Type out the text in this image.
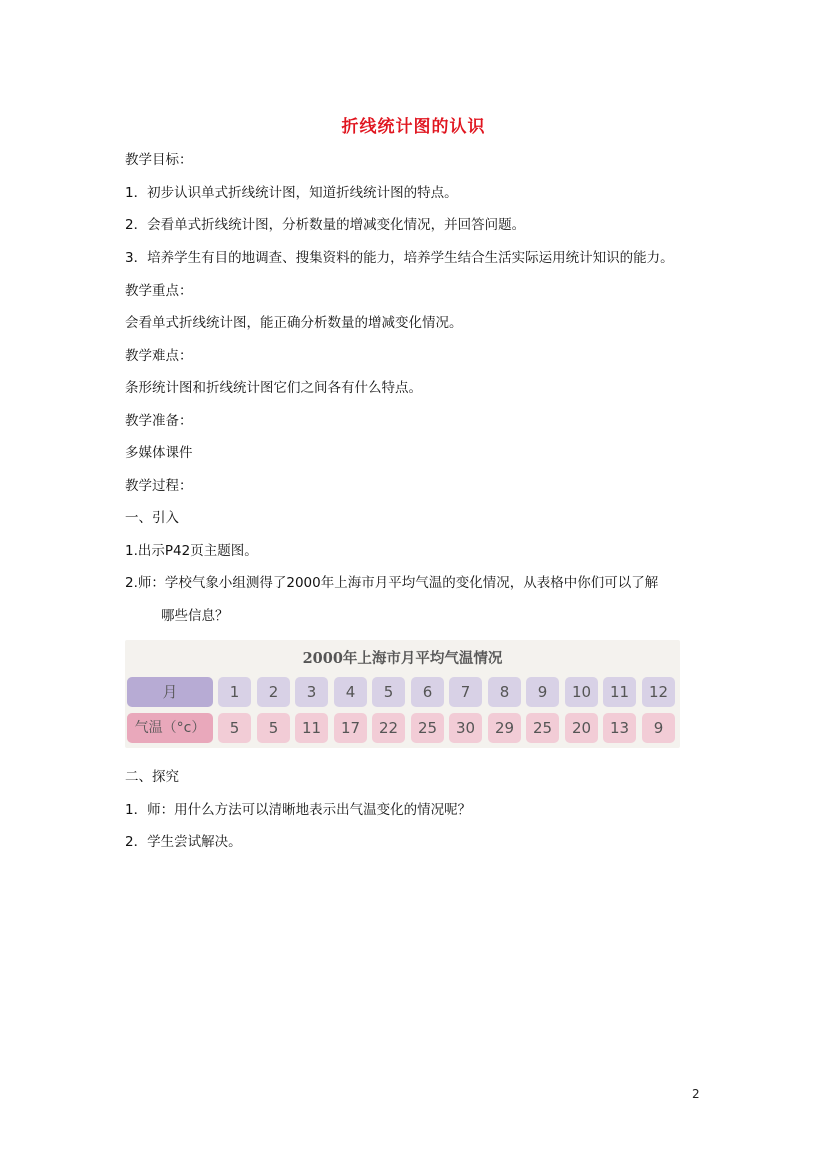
折线统计图的认识
教学目标：
1．初步认识单式折线统计图，知道折线统计图的特点。
2．会看单式折线统计图，分析数量的增减变化情况，并回答问题。
3．培养学生有目的地调查、搜集资料的能力，培养学生结合生活实际运用统计知识的能力。
教学重点：
会看单式折线统计图，能正确分析数量的增减变化情况。
教学难点：
条形统计图和折线统计图它们之间各有什么特点。
教学准备：
多媒体课件
教学过程：
一、引入
1.出示P42页主题图。
2.师：学校气象小组测得了2000年上海市月平均气温的变化情况，从表格中你们可以了解
哪些信息？
2000年上海市月平均气温情况
月	1	2	3	4	5	6	7	8	9	10	11	12
气温（°c）	5	5	11	17	22	25	30	29	25	20	13	9
二、探究
1．师：用什么方法可以清晰地表示出气温变化的情况呢？
2．学生尝试解决。
2
